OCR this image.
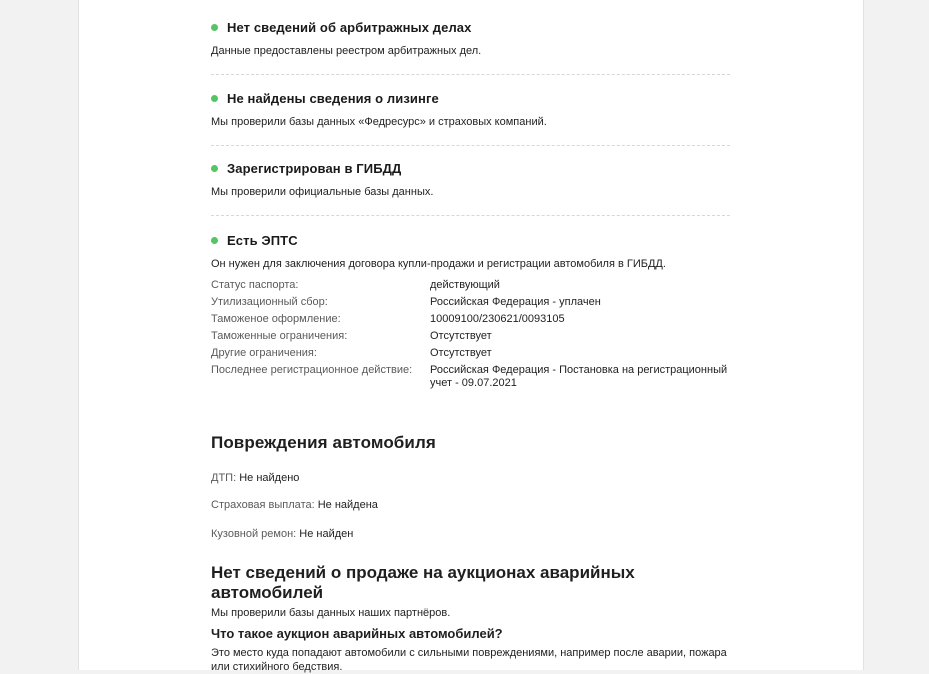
Нет сведений об арбитражных делах
Данные предоставлены реестром арбитражных дел.
Не найдены сведения о лизинге
Мы проверили базы данных «Федресурс» и страховых компаний.
Зарегистрирован в ГИБДД
Мы проверили официальные базы данных.
Есть ЭПТС
Он нужен для заключения договора купли-продажи и регистрации автомобиля в ГИБДД.
Статус паспорта:	действующий
Утилизационный сбор:	Российская Федерация - уплачен
Таможеное оформление:	10009100/230621/0093105
Таможенные ограничения:	Отсутствует
Другие ограничения:	Отсутствует
Последнее регистрационное действие:	Российская Федерация - Постановка на регистрационный учет - 09.07.2021
Повреждения автомобиля
ДТП: Не найдено
Страховая выплата: Не найдена
Кузовной ремон: Не найден
Нет сведений о продаже на аукционах аварийных автомобилей
Мы проверили базы данных наших партнёров.
Что такое аукцион аварийных автомобилей?
Это место куда попадают автомобили с сильными повреждениями, например после аварии, пожара или стихийного бедствия.
